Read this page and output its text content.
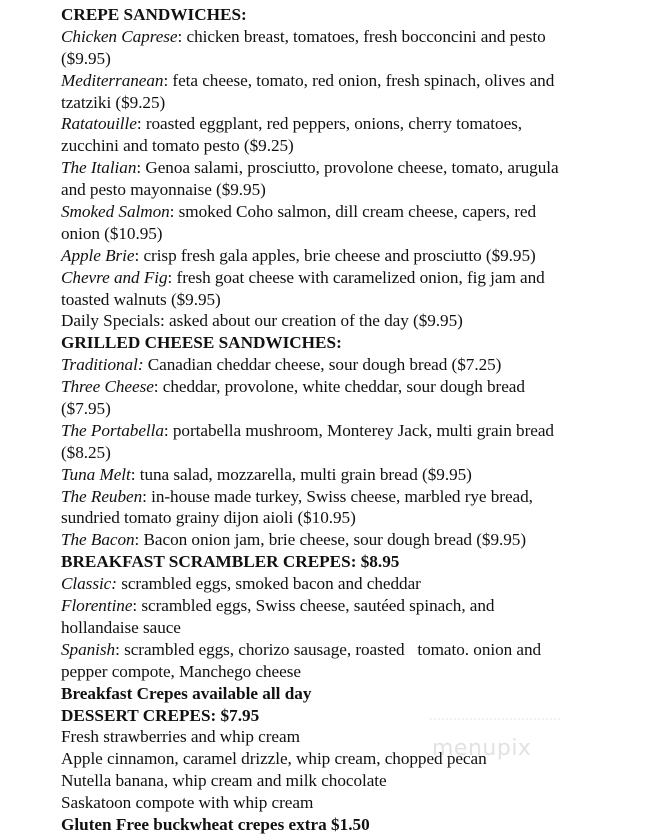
CREPE SANDWICHES:
Chicken Caprese: chicken breast, tomatoes, fresh bocconcini and pesto
($9.95)
Mediterranean: feta cheese, tomato, red onion, fresh spinach, olives and
tzatziki ($9.25)
Ratatouille: roasted eggplant, red peppers, onions, cherry tomatoes,
zucchini and tomato pesto ($9.25)
The Italian: Genoa salami, prosciutto, provolone cheese, tomato, arugula
and pesto mayonnaise ($9.95)
Smoked Salmon: smoked Coho salmon, dill cream cheese, capers, red
onion ($10.95)
Apple Brie: crisp fresh gala apples, brie cheese and prosciutto ($9.95)
Chevre and Fig: fresh goat cheese with caramelized onion, fig jam and
toasted walnuts ($9.95)
Daily Specials: asked about our creation of the day ($9.95)
GRILLED CHEESE SANDWICHES:
Traditional: Canadian cheddar cheese, sour dough bread ($7.25)
Three Cheese: cheddar, provolone, white cheddar, sour dough bread
($7.95)
The Portabella: portabella mushroom, Monterey Jack, multi grain bread
($8.25)
Tuna Melt: tuna salad, mozzarella, multi grain bread ($9.95)
The Reuben: in-house made turkey, Swiss cheese, marbled rye bread,
sundried tomato grainy dijon aioli ($10.95)
The Bacon: Bacon onion jam, brie cheese, sour dough bread ($9.95)
BREAKFAST SCRAMBLER CREPES: $8.95
Classic: scrambled eggs, smoked bacon and cheddar
Florentine: scrambled eggs, Swiss cheese, sautéed spinach, and
hollandaise sauce
Spanish: scrambled eggs, chorizo sausage, roasted   tomato. onion and
pepper compote, Manchego cheese
Breakfast Crepes available all day
DESSERT CREPES: $7.95
Fresh strawberries and whip cream
Apple cinnamon, caramel drizzle, whip cream, chopped pecan
Nutella banana, whip cream and milk chocolate
Saskatoon compote with whip cream
Gluten Free buckwheat crepes extra $1.50
menupix
